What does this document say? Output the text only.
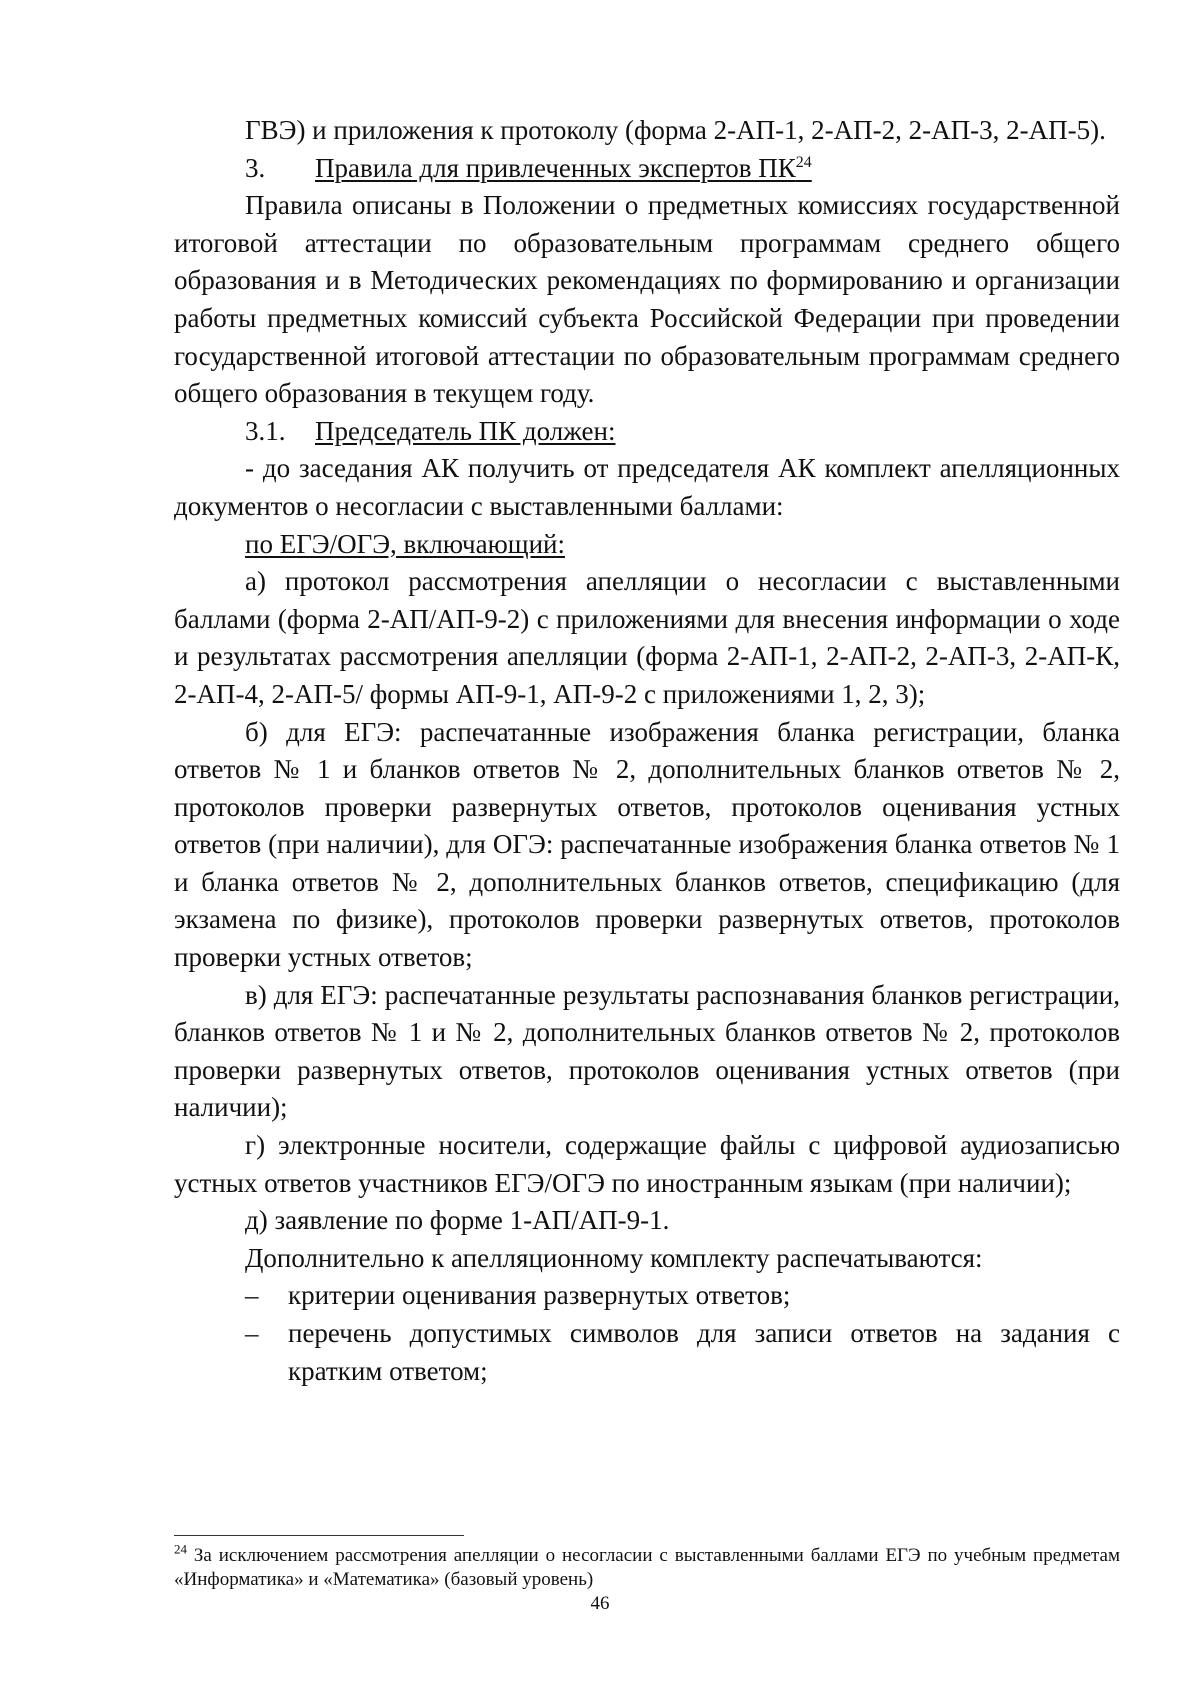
ГВЭ) и приложения к протоколу (форма 2-АП-1, 2-АП-2, 2-АП-3, 2-АП-5).

3. Правила для привлеченных экспертов ПК$^{24}$

Правила описаны в Положении о предметных комиссиях государственной итоговой аттестации по образовательным программам среднего общего образования и в Методических рекомендациях по формированию и организации работы предметных комиссий субъекта Российской Федерации при проведении государственной итоговой аттестации по образовательным программам среднего общего образования в текущем году.

3.1. Председатель ПК должен:

- до заседания АК получить от председателя АК комплект апелляционных документов о несогласии с выставленными баллами:

по ЕГЭ/ОГЭ, включающий:

а) протокол рассмотрения апелляции о несогласии с выставленными баллами (форма 2-АП/АП-9-2) с приложениями для внесения информации о ходе и результатах рассмотрения апелляции (форма 2-АП-1, 2-АП-2, 2-АП-3, 2-АП-К, 2-АП-4, 2-АП-5/ формы АП-9-1, АП-9-2 с приложениями 1, 2, 3);

б) для ЕГЭ: распечатанные изображения бланка регистрации, бланка ответов № 1 и бланков ответов № 2, дополнительных бланков ответов № 2, протоколов проверки развернутых ответов, протоколов оценивания устных ответов (при наличии), для ОГЭ: распечатанные изображения бланка ответов № 1 и бланка ответов № 2, дополнительных бланков ответов, спецификацию (для экзамена по физике), протоколов проверки развернутых ответов, протоколов проверки устных ответов;

в) для ЕГЭ: распечатанные результаты распознавания бланков регистрации, бланков ответов № 1 и № 2, дополнительных бланков ответов № 2, протоколов проверки развернутых ответов, протоколов оценивания устных ответов (при наличии);

г) электронные носители, содержащие файлы с цифровой аудиозаписью устных ответов участников ЕГЭ/ОГЭ по иностранным языкам (при наличии);

д) заявление по форме 1-АП/АП-9-1.

Дополнительно к апелляционному комплекту распечатываются:

–	критерии оценивания развернутых ответов;
–	перечень допустимых символов для записи ответов на задания с кратким ответом;
$^{24}$ За исключением рассмотрения апелляции о несогласии с выставленными баллами ЕГЭ по учебным предметам «Информатика» и «Математика» (базовый уровень)
46
